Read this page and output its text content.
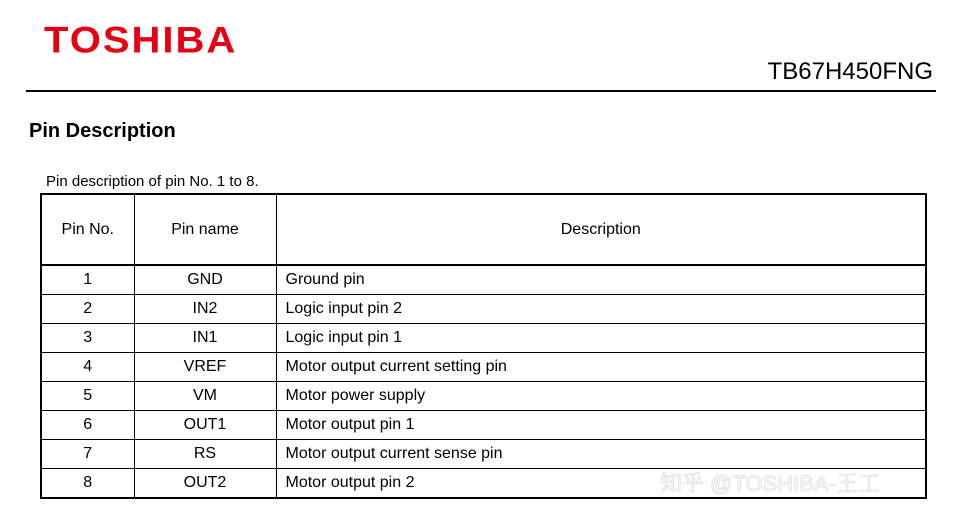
TOSHIBA
TB67H450FNG
Pin Description
Pin description of pin No. 1 to 8.
Pin No.	Pin name	Description
1	GND	Ground pin
2	IN2	Logic input pin 2
3	IN1	Logic input pin 1
4	VREF	Motor output current setting pin
5	VM	Motor power supply
6	OUT1	Motor output pin 1
7	RS	Motor output current sense pin
8	OUT2	Motor output pin 2	知乎 @TOSHIBA-王工
